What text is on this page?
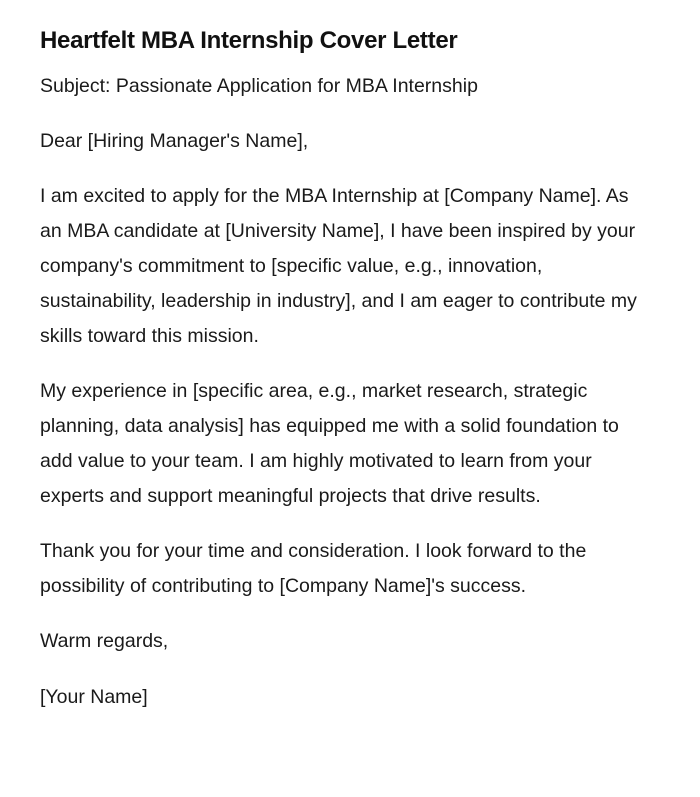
Heartfelt MBA Internship Cover Letter

Subject: Passionate Application for MBA Internship

Dear [Hiring Manager's Name],

I am excited to apply for the MBA Internship at [Company Name]. As an MBA candidate at [University Name], I have been inspired by your company's commitment to [specific value, e.g., innovation, sustainability, leadership in industry], and I am eager to contribute my skills toward this mission.

My experience in [specific area, e.g., market research, strategic planning, data analysis] has equipped me with a solid foundation to add value to your team. I am highly motivated to learn from your experts and support meaningful projects that drive results.

Thank you for your time and consideration. I look forward to the possibility of contributing to [Company Name]'s success.

Warm regards,

[Your Name]
